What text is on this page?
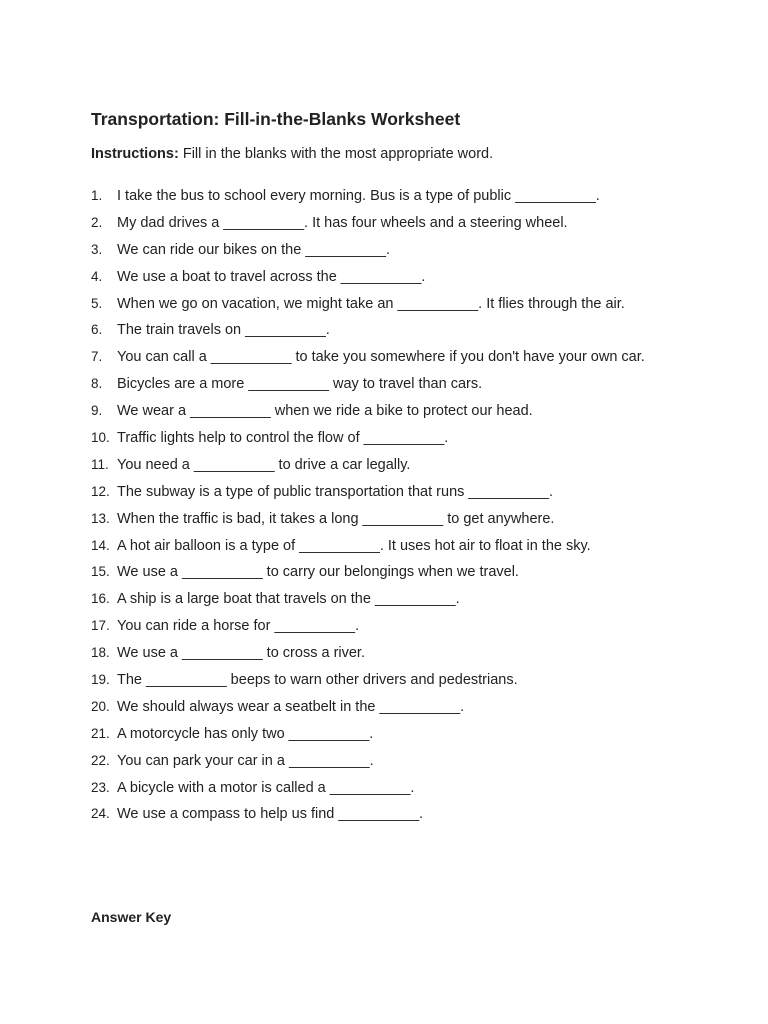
Transportation: Fill-in-the-Blanks Worksheet
Instructions: Fill in the blanks with the most appropriate word.
1.	I take the bus to school every morning. Bus is a type of public __________.
2.	My dad drives a __________. It has four wheels and a steering wheel.
3.	We can ride our bikes on the __________.
4.	We use a boat to travel across the __________.
5.	When we go on vacation, we might take an __________. It flies through the air.
6.	The train travels on __________.
7.	You can call a __________ to take you somewhere if you don't have your own car.
8.	Bicycles are a more __________ way to travel than cars.
9.	We wear a __________ when we ride a bike to protect our head.
10. Traffic lights help to control the flow of __________.
11. You need a __________ to drive a car legally.
12. The subway is a type of public transportation that runs __________.
13. When the traffic is bad, it takes a long __________ to get anywhere.
14. A hot air balloon is a type of __________. It uses hot air to float in the sky.
15. We use a __________ to carry our belongings when we travel.
16. A ship is a large boat that travels on the __________.
17. You can ride a horse for __________.
18. We use a __________ to cross a river.
19. The __________ beeps to warn other drivers and pedestrians.
20. We should always wear a seatbelt in the __________.
21. A motorcycle has only two __________.
22. You can park your car in a __________.
23. A bicycle with a motor is called a __________.
24. We use a compass to help us find __________.
Answer Key
